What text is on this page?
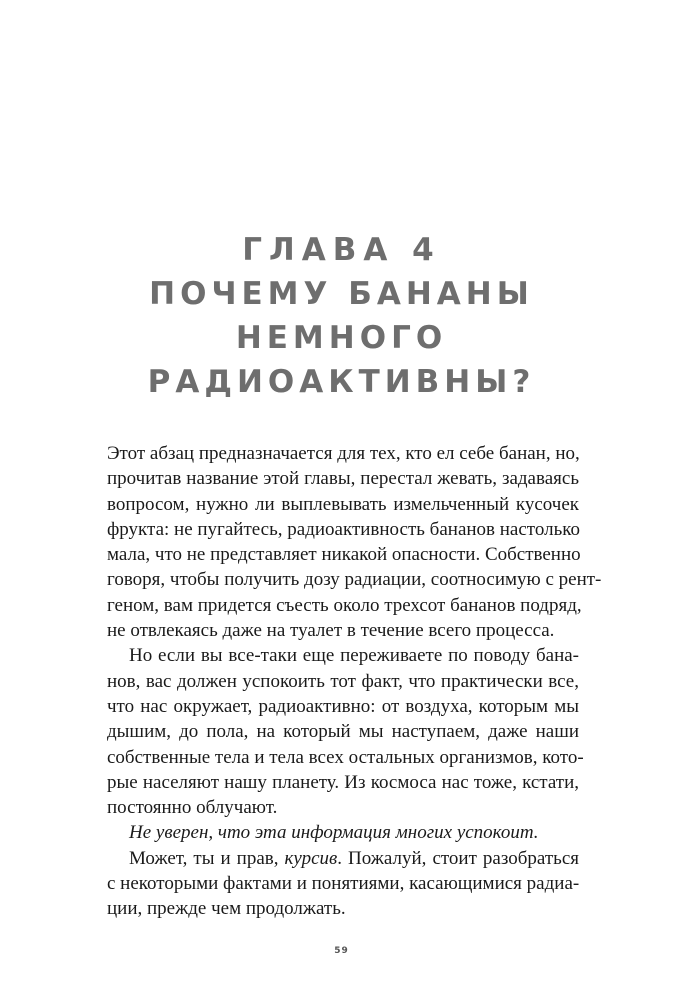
ГЛАВА 4
ПОЧЕМУ БАНАНЫ
НЕМНОГО
РАДИОАКТИВНЫ?
Этот абзац предназначается для тех, кто ел себе банан, но,
прочитав название этой главы, перестал жевать, задаваясь
вопросом, нужно ли выплевывать измельченный кусочек
фрукта: не пугайтесь, радиоактивность бананов настолько
мала, что не представляет никакой опасности. Собственно
говоря, чтобы получить дозу радиации, соотносимую с рент-
геном, вам придется съесть около трехсот бананов подряд,
не отвлекаясь даже на туалет в течение всего процесса.
Но если вы все-таки еще переживаете по поводу бана-
нов, вас должен успокоить тот факт, что практически все,
что нас окружает, радиоактивно: от воздуха, которым мы
дышим, до пола, на который мы наступаем, даже наши
собственные тела и тела всех остальных организмов, кото-
рые населяют нашу планету. Из космоса нас тоже, кстати,
постоянно облучают.
Не уверен, что эта информация многих успокоит.
Может, ты и прав, курсив. Пожалуй, стоит разобраться
с некоторыми фактами и понятиями, касающимися радиа-
ции, прежде чем продолжать.
59
